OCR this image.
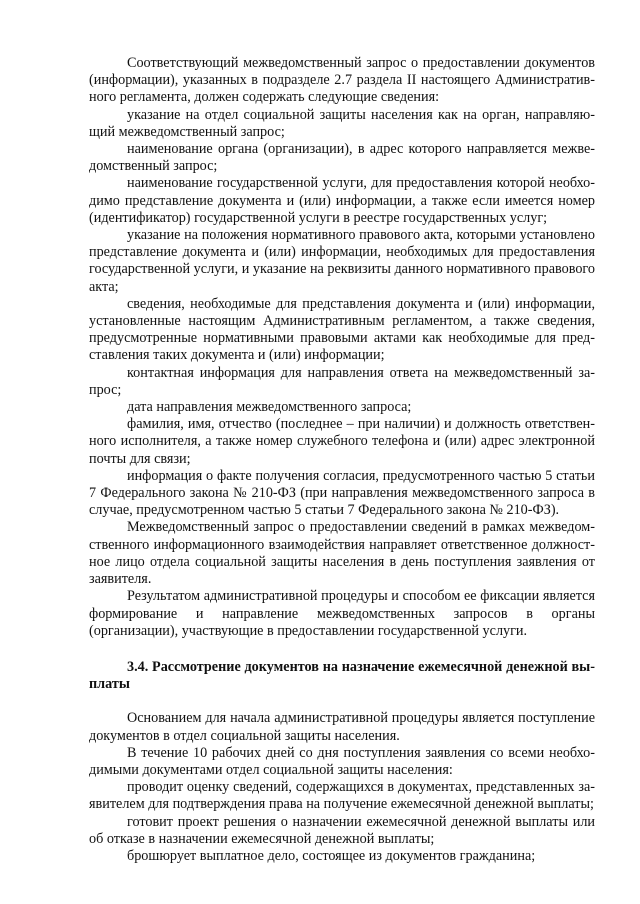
Соответствующий межведомственный запрос о предоставлении документов (информации), указанных в подразделе 2.7 раздела II настоящего Административного регламента, должен содержать следующие сведения:

указание на отдел социальной защиты населения как на орган, направляющий межведомственный запрос;

наименование органа (организации), в адрес которого направляется межведомственный запрос;

наименование государственной услуги, для предоставления которой необходимо представление документа и (или) информации, а также если имеется номер (идентификатор) государственной услуги в реестре государственных услуг;

указание на положения нормативного правового акта, которыми установлено представление документа и (или) информации, необходимых для предоставления государственной услуги, и указание на реквизиты данного нормативного правового акта;

сведения, необходимые для представления документа и (или) информации, установленные настоящим Административным регламентом, а также сведения, предусмотренные нормативными правовыми актами как необходимые для представления таких документа и (или) информации;

контактная информация для направления ответа на межведомственный запрос;

дата направления межведомственного запроса;

фамилия, имя, отчество (последнее – при наличии) и должность ответственного исполнителя, а также номер служебного телефона и (или) адрес электронной почты для связи;

информация о факте получения согласия, предусмотренного частью 5 статьи 7 Федерального закона № 210-ФЗ (при направления межведомственного запроса в случае, предусмотренном частью 5 статьи 7 Федерального закона № 210-ФЗ).

Межведомственный запрос о предоставлении сведений в рамках межведомственного информационного взаимодействия направляет ответственное должностное лицо отдела социальной защиты населения в день поступления заявления от заявителя.

Результатом административной процедуры и способом ее фиксации является формирование и направление межведомственных запросов в органы (организации), участвующие в предоставлении государственной услуги.

3.4. Рассмотрение документов на назначение ежемесячной денежной выплаты

Основанием для начала административной процедуры является поступление документов в отдел социальной защиты населения.

В течение 10 рабочих дней со дня поступления заявления со всеми необходимыми документами отдел социальной защиты населения:

проводит оценку сведений, содержащихся в документах, представленных заявителем для подтверждения права на получение ежемесячной денежной выплаты;

готовит проект решения о назначении ежемесячной денежной выплаты или об отказе в назначении ежемесячной денежной выплаты;

брошюрует выплатное дело, состоящее из документов гражданина;
